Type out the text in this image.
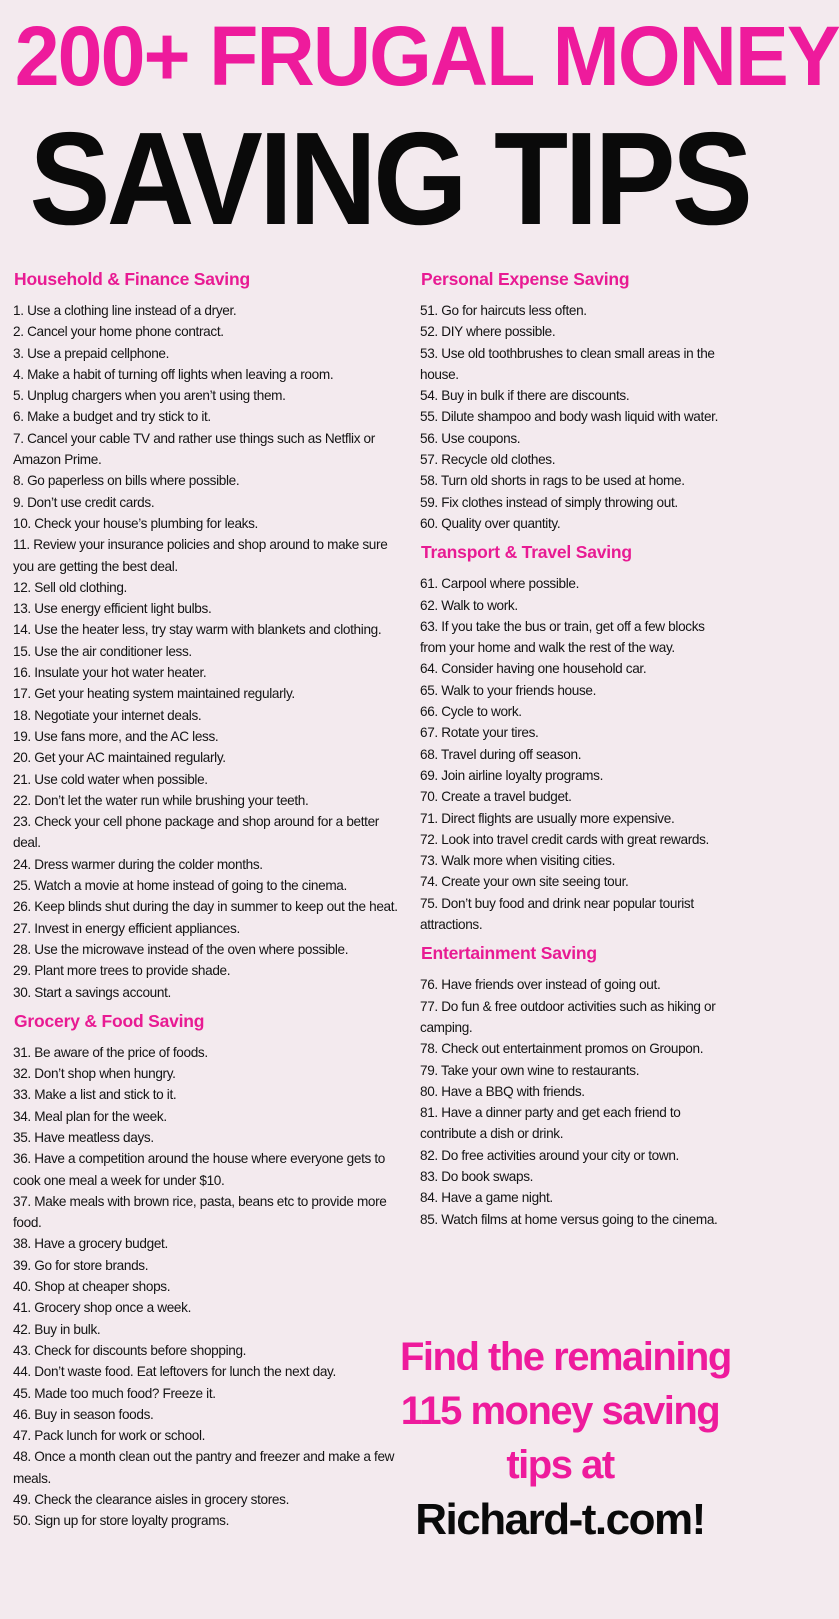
200+ FRUGAL MONEY
SAVING TIPS
Household & Finance Saving
1. Use a clothing line instead of a dryer.
2. Cancel your home phone contract.
3. Use a prepaid cellphone.
4. Make a habit of turning off lights when leaving a room.
5. Unplug chargers when you aren’t using them.
6. Make a budget and try stick to it.
7. Cancel your cable TV and rather use things such as Netflix or Amazon Prime.
8. Go paperless on bills where possible.
9. Don’t use credit cards.
10. Check your house’s plumbing for leaks.
11. Review your insurance policies and shop around to make sure you are getting the best deal.
12. Sell old clothing.
13. Use energy efficient light bulbs.
14. Use the heater less, try stay warm with blankets and clothing.
15. Use the air conditioner less.
16. Insulate your hot water heater.
17. Get your heating system maintained regularly.
18. Negotiate your internet deals.
19. Use fans more, and the AC less.
20. Get your AC maintained regularly.
21. Use cold water when possible.
22. Don’t let the water run while brushing your teeth.
23. Check your cell phone package and shop around for a better deal.
24. Dress warmer during the colder months.
25. Watch a movie at home instead of going to the cinema.
26. Keep blinds shut during the day in summer to keep out the heat.
27. Invest in energy efficient appliances.
28. Use the microwave instead of the oven where possible.
29. Plant more trees to provide shade.
30. Start a savings account.
Grocery & Food Saving
31. Be aware of the price of foods.
32. Don’t shop when hungry.
33. Make a list and stick to it.
34. Meal plan for the week.
35. Have meatless days.
36. Have a competition around the house where everyone gets to cook one meal a week for under $10.
37. Make meals with brown rice, pasta, beans etc to provide more food.
38. Have a grocery budget.
39. Go for store brands.
40. Shop at cheaper shops.
41. Grocery shop once a week.
42. Buy in bulk.
43. Check for discounts before shopping.
44. Don’t waste food. Eat leftovers for lunch the next day.
45. Made too much food? Freeze it.
46. Buy in season foods.
47. Pack lunch for work or school.
48. Once a month clean out the pantry and freezer and make a few meals.
49. Check the clearance aisles in grocery stores.
50. Sign up for store loyalty programs.
Personal Expense Saving
51. Go for haircuts less often.
52. DIY where possible.
53. Use old toothbrushes to clean small areas in the house.
54. Buy in bulk if there are discounts.
55. Dilute shampoo and body wash liquid with water.
56. Use coupons.
57. Recycle old clothes.
58. Turn old shorts in rags to be used at home.
59. Fix clothes instead of simply throwing out.
60. Quality over quantity.
Transport & Travel Saving
61. Carpool where possible.
62. Walk to work.
63. If you take the bus or train, get off a few blocks from your home and walk the rest of the way.
64. Consider having one household car.
65. Walk to your friends house.
66. Cycle to work.
67. Rotate your tires.
68. Travel during off season.
69. Join airline loyalty programs.
70. Create a travel budget.
71. Direct flights are usually more expensive.
72. Look into travel credit cards with great rewards.
73. Walk more when visiting cities.
74. Create your own site seeing tour.
75. Don’t buy food and drink near popular tourist attractions.
Entertainment Saving
76. Have friends over instead of going out.
77. Do fun & free outdoor activities such as hiking or camping.
78. Check out entertainment promos on Groupon.
79. Take your own wine to restaurants.
80. Have a BBQ with friends.
81. Have a dinner party and get each friend to contribute a dish or drink.
82. Do free activities around your city or town.
83. Do book swaps.
84. Have a game night.
85. Watch films at home versus going to the cinema.
Find the remaining
115 money saving
tips at
Richard-t.com!
